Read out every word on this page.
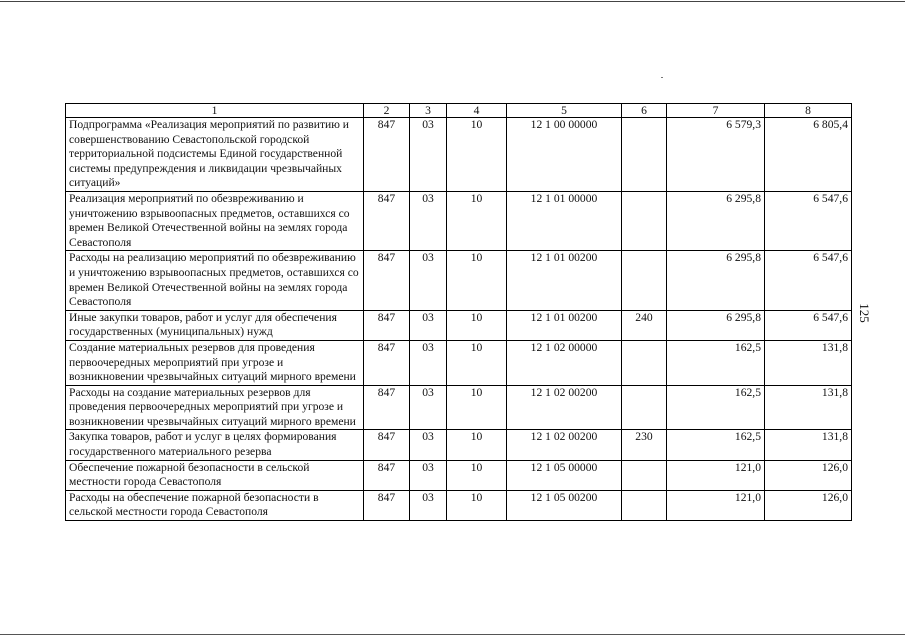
125
1	2	3	4	5	6	7	8
Подпрограмма «Реализация мероприятий по развитию и совершенствованию Севастопольской городской территориальной подсистемы Единой государственной системы предупреждения и ликвидации чрезвычайных ситуаций»	847	03	10	12 1 00 00000		6 579,3	6 805,4
Реализация мероприятий по обезвреживанию и уничтожению взрывоопасных предметов, оставшихся со времен Великой Отечественной войны на землях города Севастополя	847	03	10	12 1 01 00000		6 295,8	6 547,6
Расходы на реализацию мероприятий по обезвреживанию и уничтожению взрывоопасных предметов, оставшихся со времен Великой Отечественной войны на землях города Севастополя	847	03	10	12 1 01 00200		6 295,8	6 547,6
Иные закупки товаров, работ и услуг для обеспечения государственных (муниципальных) нужд	847	03	10	12 1 01 00200	240	6 295,8	6 547,6
Создание материальных резервов для проведения первоочередных мероприятий при угрозе и возникновении чрезвычайных ситуаций мирного времени	847	03	10	12 1 02 00000		162,5	131,8
Расходы на создание материальных резервов для проведения первоочередных мероприятий при угрозе и возникновении чрезвычайных ситуаций мирного времени	847	03	10	12 1 02 00200		162,5	131,8
Закупка товаров, работ и услуг в целях формирования государственного материального резерва	847	03	10	12 1 02 00200	230	162,5	131,8
Обеспечение пожарной безопасности в сельской местности города Севастополя	847	03	10	12 1 05 00000		121,0	126,0
Расходы на обеспечение пожарной безопасности в сельской местности города Севастополя	847	03	10	12 1 05 00200		121,0	126,0
